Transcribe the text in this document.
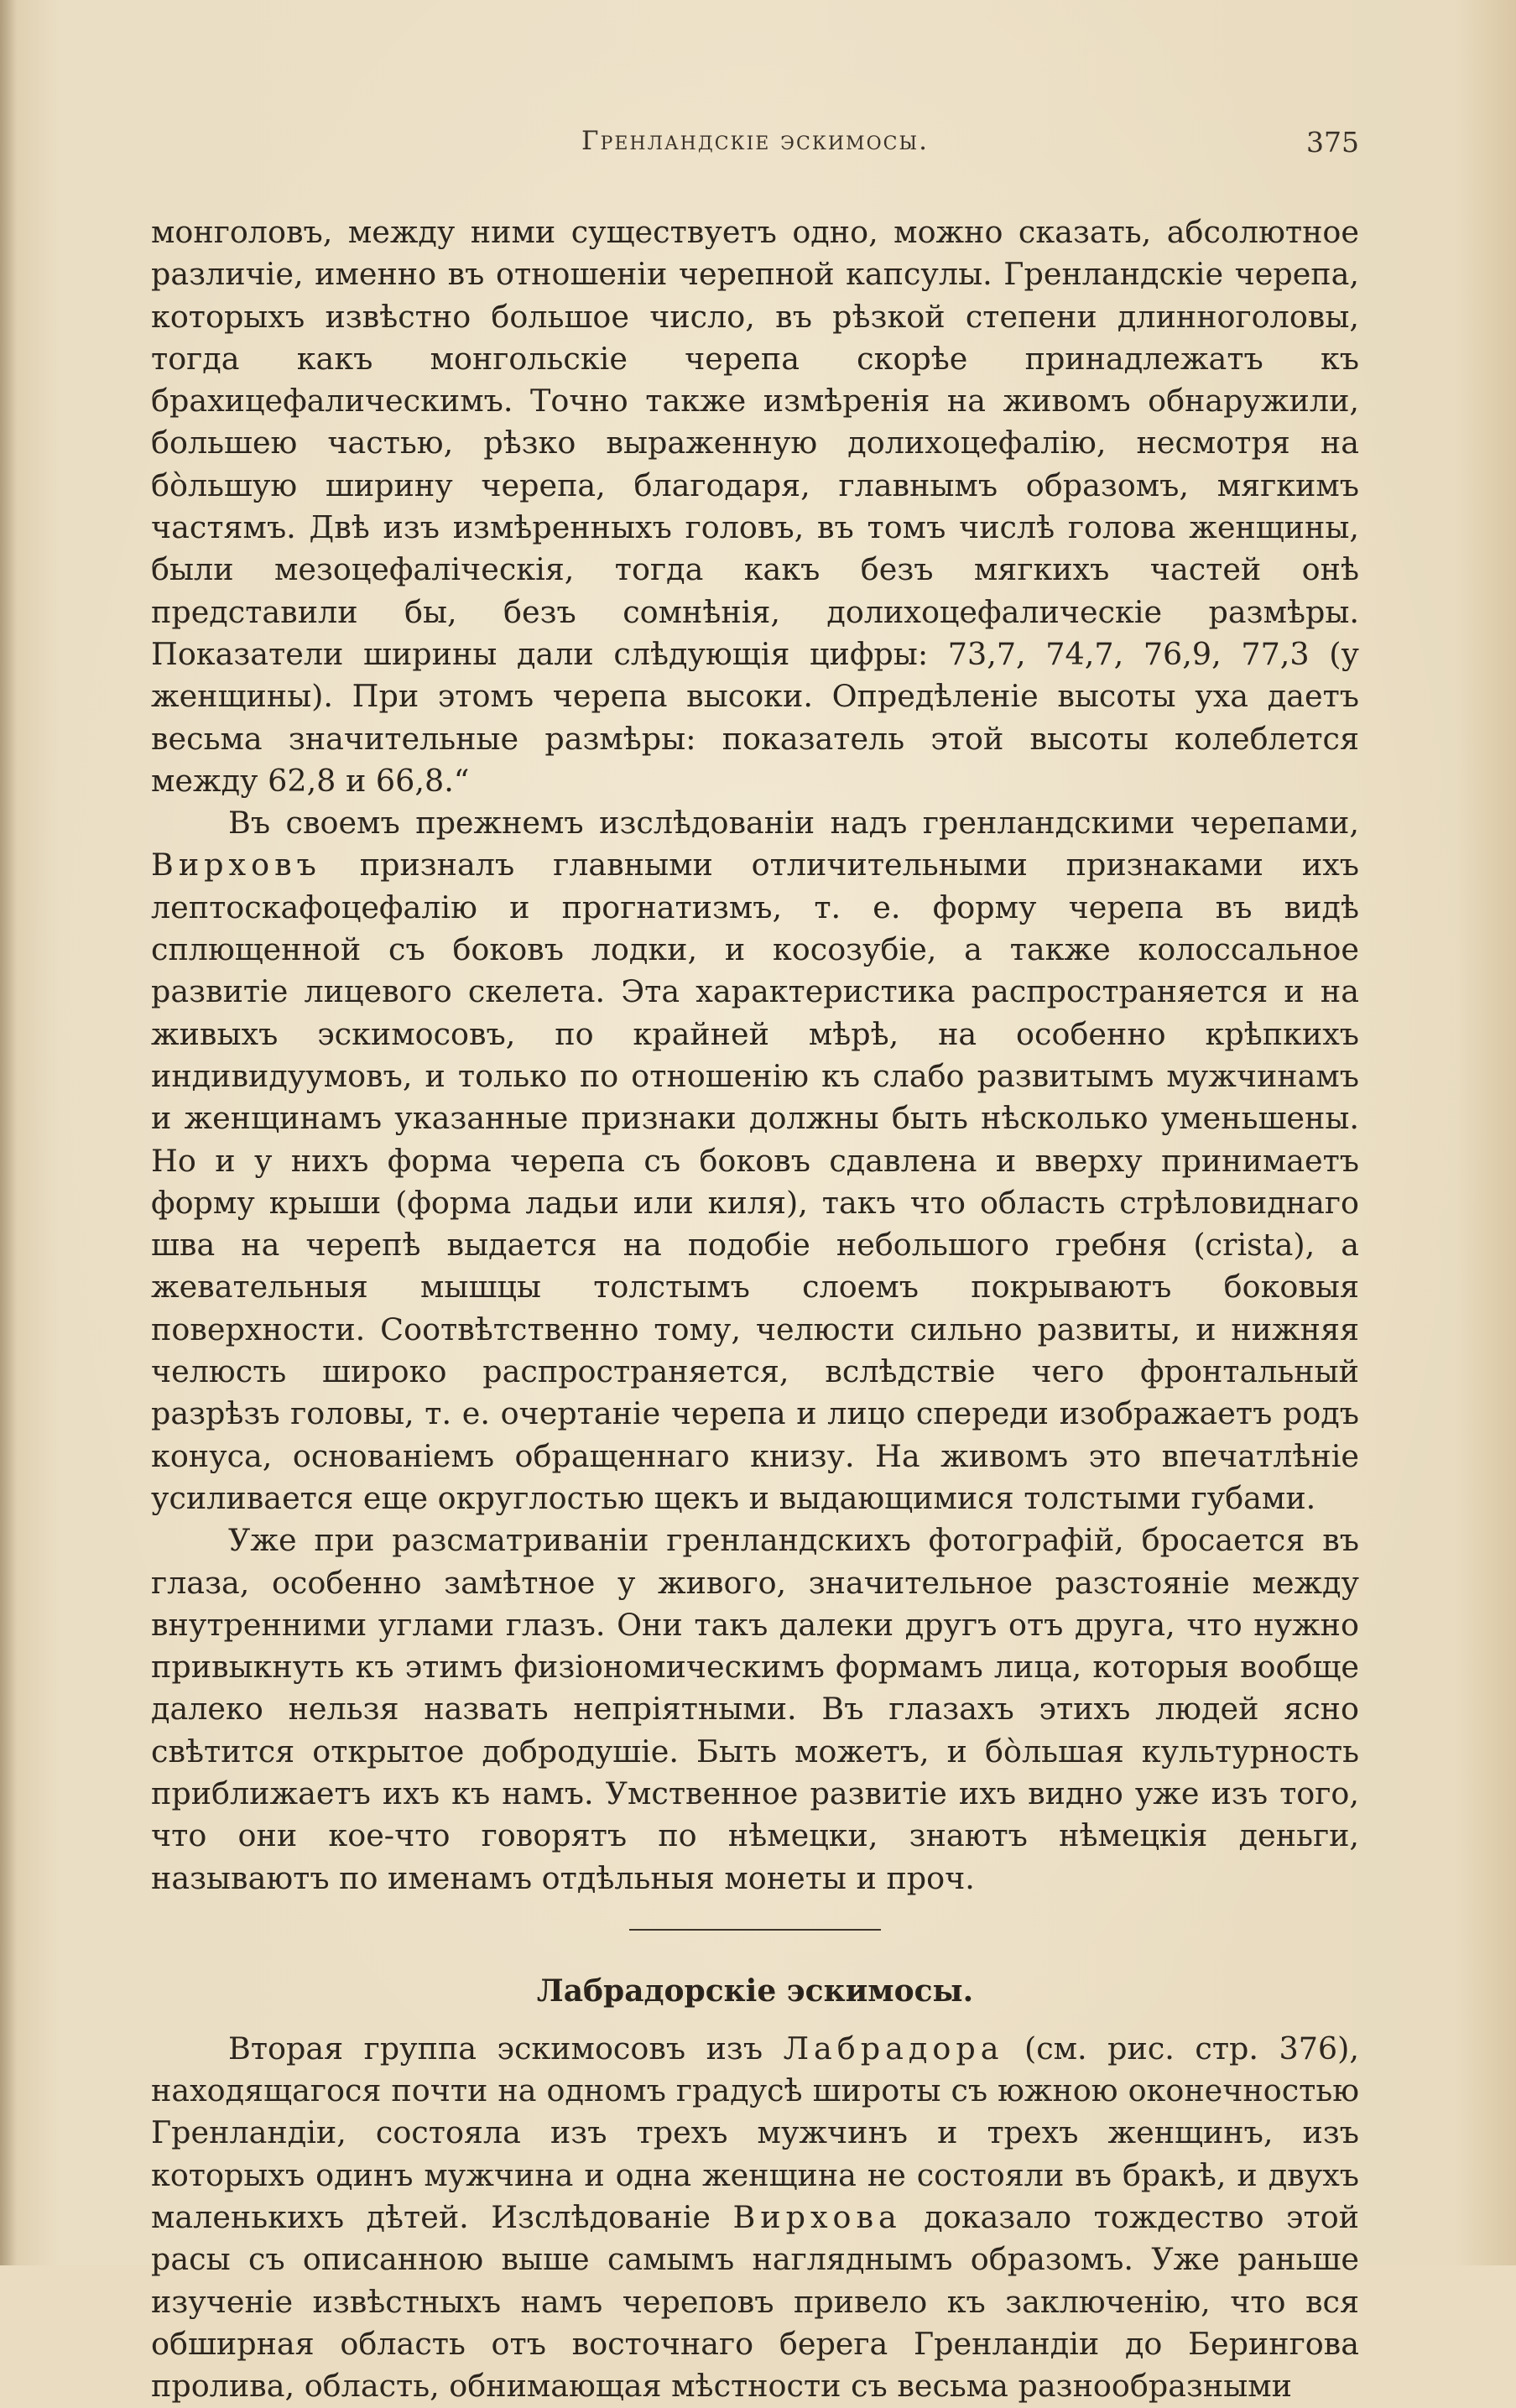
Гренландскіе эскимосы.	375

монголовъ, между ними существуетъ одно, можно сказать, абсолютное различіе, именно въ отношеніи черепной капсулы. Гренландскіе черепа, которыхъ извѣстно большое число, въ рѣзкой степени длинноголовы, тогда какъ монгольскіе черепа скорѣе принадлежатъ къ брахицефалическимъ. Точно также измѣренія на живомъ обнаружили, большею частью, рѣзко выраженную долихоцефалію, несмотря на бо̀льшую ширину черепа, благодаря, главнымъ образомъ, мягкимъ частямъ. Двѣ изъ измѣренныхъ головъ, въ томъ числѣ голова женщины, были мезоцефаліческія, тогда какъ безъ мягкихъ частей онѣ представили бы, безъ сомнѣнія, долихоцефалическіе размѣры. Показатели ширины дали слѣдующія цифры: 73,7, 74,7, 76,9, 77,3 (у женщины). При этомъ черепа высоки. Опредѣленіе высоты уха даетъ весьма значительные размѣры: показатель этой высоты колеблется между 62,8 и 66,8.“

Въ своемъ прежнемъ изслѣдованіи надъ гренландскими черепами, Вирховъ призналъ главными отличительными признаками ихъ лептоскафоцефалію и прогнатизмъ, т. е. форму черепа въ видѣ сплющенной съ боковъ лодки, и косозубіе, а также колоссальное развитіе лицевого скелета. Эта характеристика распространяется и на живыхъ эскимосовъ, по крайней мѣрѣ, на особенно крѣпкихъ индивидуумовъ, и только по отношенію къ слабо развитымъ мужчинамъ и женщинамъ указанные признаки должны быть нѣсколько уменьшены. Но и у нихъ форма черепа съ боковъ сдавлена и вверху принимаетъ форму крыши (форма ладьи или киля), такъ что область стрѣловиднаго шва на черепѣ выдается на подобіе небольшого гребня (crista), а жевательныя мышцы толстымъ слоемъ покрываютъ боковыя поверхности. Соотвѣтственно тому, челюсти сильно развиты, и нижняя челюсть широко распространяется, вслѣдствіе чего фронтальный разрѣзъ головы, т. е. очертаніе черепа и лицо спереди изображаетъ родъ конуса, основаніемъ обращеннаго книзу. На живомъ это впечатлѣніе усиливается еще округлостью щекъ и выдающимися толстыми губами.

Уже при разсматриваніи гренландскихъ фотографій, бросается въ глаза, особенно замѣтное у живого, значительное разстояніе между внутренними углами глазъ. Они такъ далеки другъ отъ друга, что нужно привыкнуть къ этимъ физіономическимъ формамъ лица, которыя вообще далеко нельзя назвать непріятными. Въ глазахъ этихъ людей ясно свѣтится открытое добродушіе. Быть можетъ, и бо̀льшая культурность приближаетъ ихъ къ намъ. Умственное развитіе ихъ видно уже изъ того, что они кое-что говорятъ по нѣмецки, знаютъ нѣмецкія деньги, называютъ по именамъ отдѣльныя монеты и проч.

Лабрадорскіе эскимосы.

Вторая группа эскимосовъ изъ Лабрадора (см. рис. стр. 376), находящагося почти на одномъ градусѣ широты съ южною оконечностью Гренландіи, состояла изъ трехъ мужчинъ и трехъ женщинъ, изъ которыхъ одинъ мужчина и одна женщина не состояли въ бракѣ, и двухъ маленькихъ дѣтей. Изслѣдованіе Вирхова доказало тождество этой расы съ описанною выше самымъ нагляднымъ образомъ. Уже раньше изученіе извѣстныхъ намъ череповъ привело къ заключенію, что вся обширная область отъ восточнаго берега Гренландіи до Берингова пролива, область, обнимающая мѣстности съ весьма разнообразными
